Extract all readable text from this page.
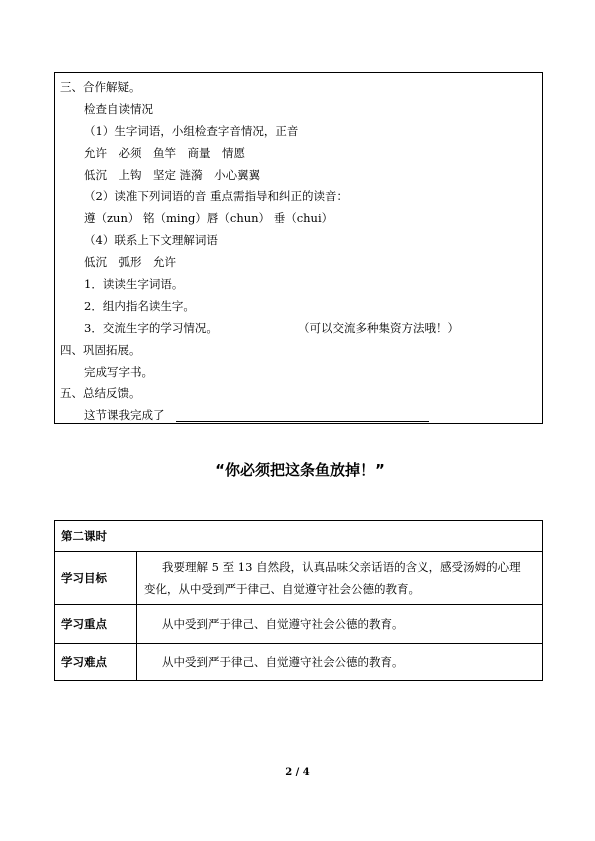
三、合作解疑。
检查自读情况
（1）生字词语，小组检查字音情况，正音
允许　必须　鱼竿　商量　情愿
低沉　上钩　坚定 涟漪　小心翼翼
（2）读准下列词语的音 重点需指导和纠正的读音：
遵（zun） 铭（ming）唇（chun） 垂（chui）
（4）联系上下文理解词语
低沉　弧形　允许
1．读读生字词语。
2．组内指名读生字。
3．交流生字的学习情况。	（可以交流多种集资方法哦！）
四、巩固拓展。
完成写字书。
五、总结反馈。
这节课我完成了
“你必须把这条鱼放掉！”
第二课时	
学习目标	我要理解 5 至 13 自然段，认真品味父亲话语的含义，感受汤姆的心理变化，从中受到严于律己、自觉遵守社会公德的教育。
学习重点	从中受到严于律己、自觉遵守社会公德的教育。
学习难点	从中受到严于律己、自觉遵守社会公德的教育。
2 / 4
